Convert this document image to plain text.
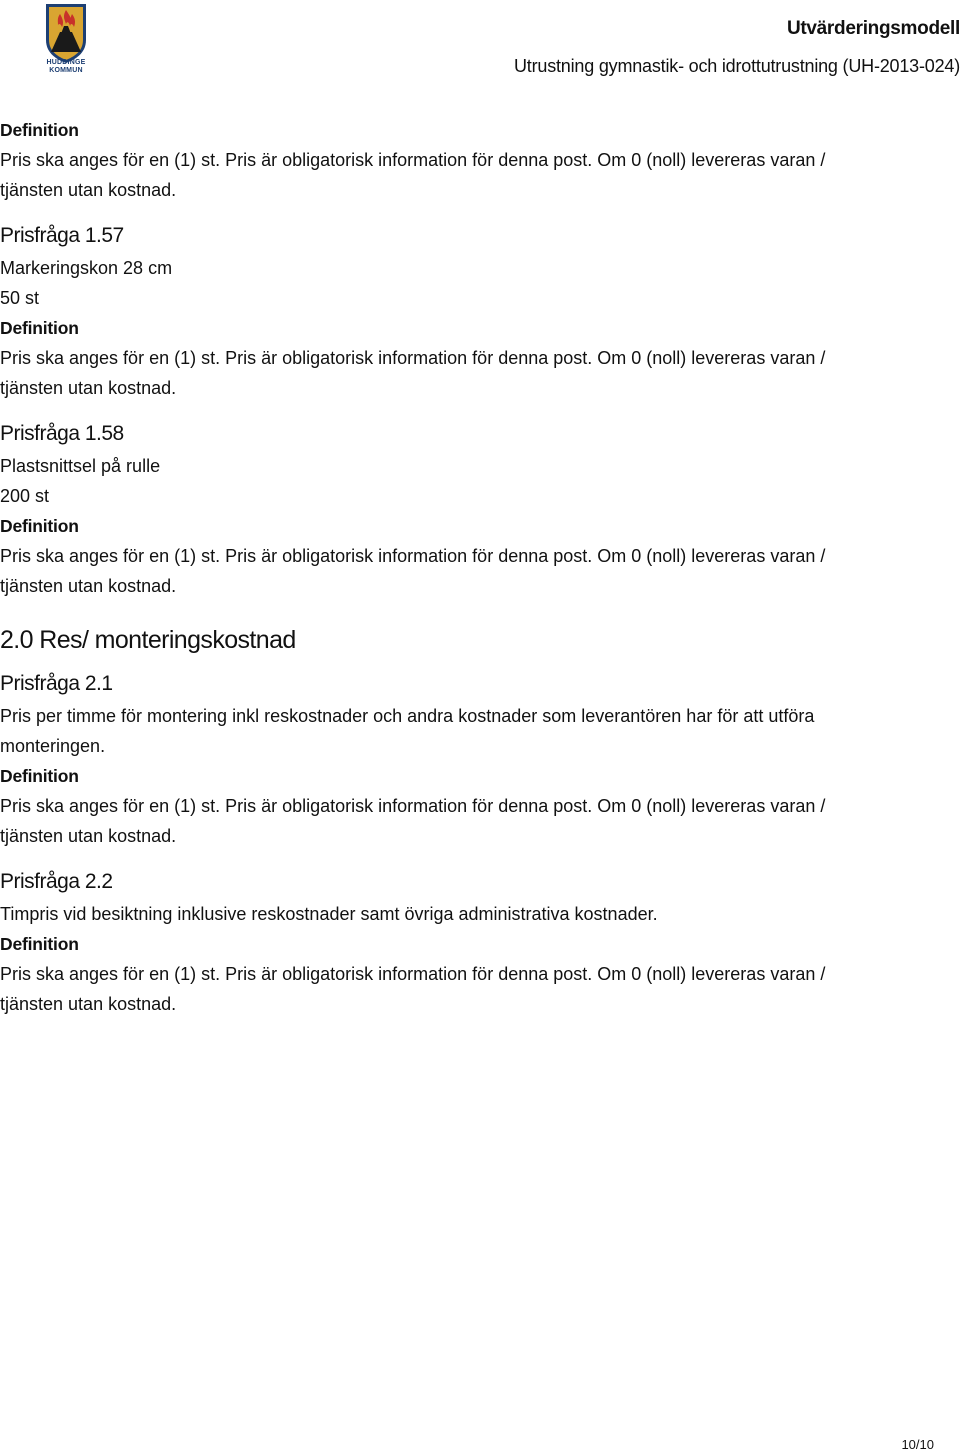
HUDDINGE
KOMMUN
Utvärderingsmodell
Utrustning gymnastik- och idrottutrustning (UH-2013-024)

Definition

Pris ska anges för en (1) st. Pris är obligatorisk information för denna post. Om 0 (noll) levereras varan /

tjänsten utan kostnad.

Prisfråga 1.57

Markeringskon 28 cm

50 st

Definition

Pris ska anges för en (1) st. Pris är obligatorisk information för denna post. Om 0 (noll) levereras varan /

tjänsten utan kostnad.

Prisfråga 1.58

Plastsnittsel på rulle

200 st

Definition

Pris ska anges för en (1) st. Pris är obligatorisk information för denna post. Om 0 (noll) levereras varan /

tjänsten utan kostnad.

2.0 Res/ monteringskostnad

Prisfråga 2.1

Pris per timme för montering inkl reskostnader och andra kostnader som leverantören har för att utföra

monteringen.

Definition

Pris ska anges för en (1) st. Pris är obligatorisk information för denna post. Om 0 (noll) levereras varan /

tjänsten utan kostnad.

Prisfråga 2.2

Timpris vid besiktning inklusive reskostnader samt övriga administrativa kostnader.

Definition

Pris ska anges för en (1) st. Pris är obligatorisk information för denna post. Om 0 (noll) levereras varan /

tjänsten utan kostnad.

10/10
